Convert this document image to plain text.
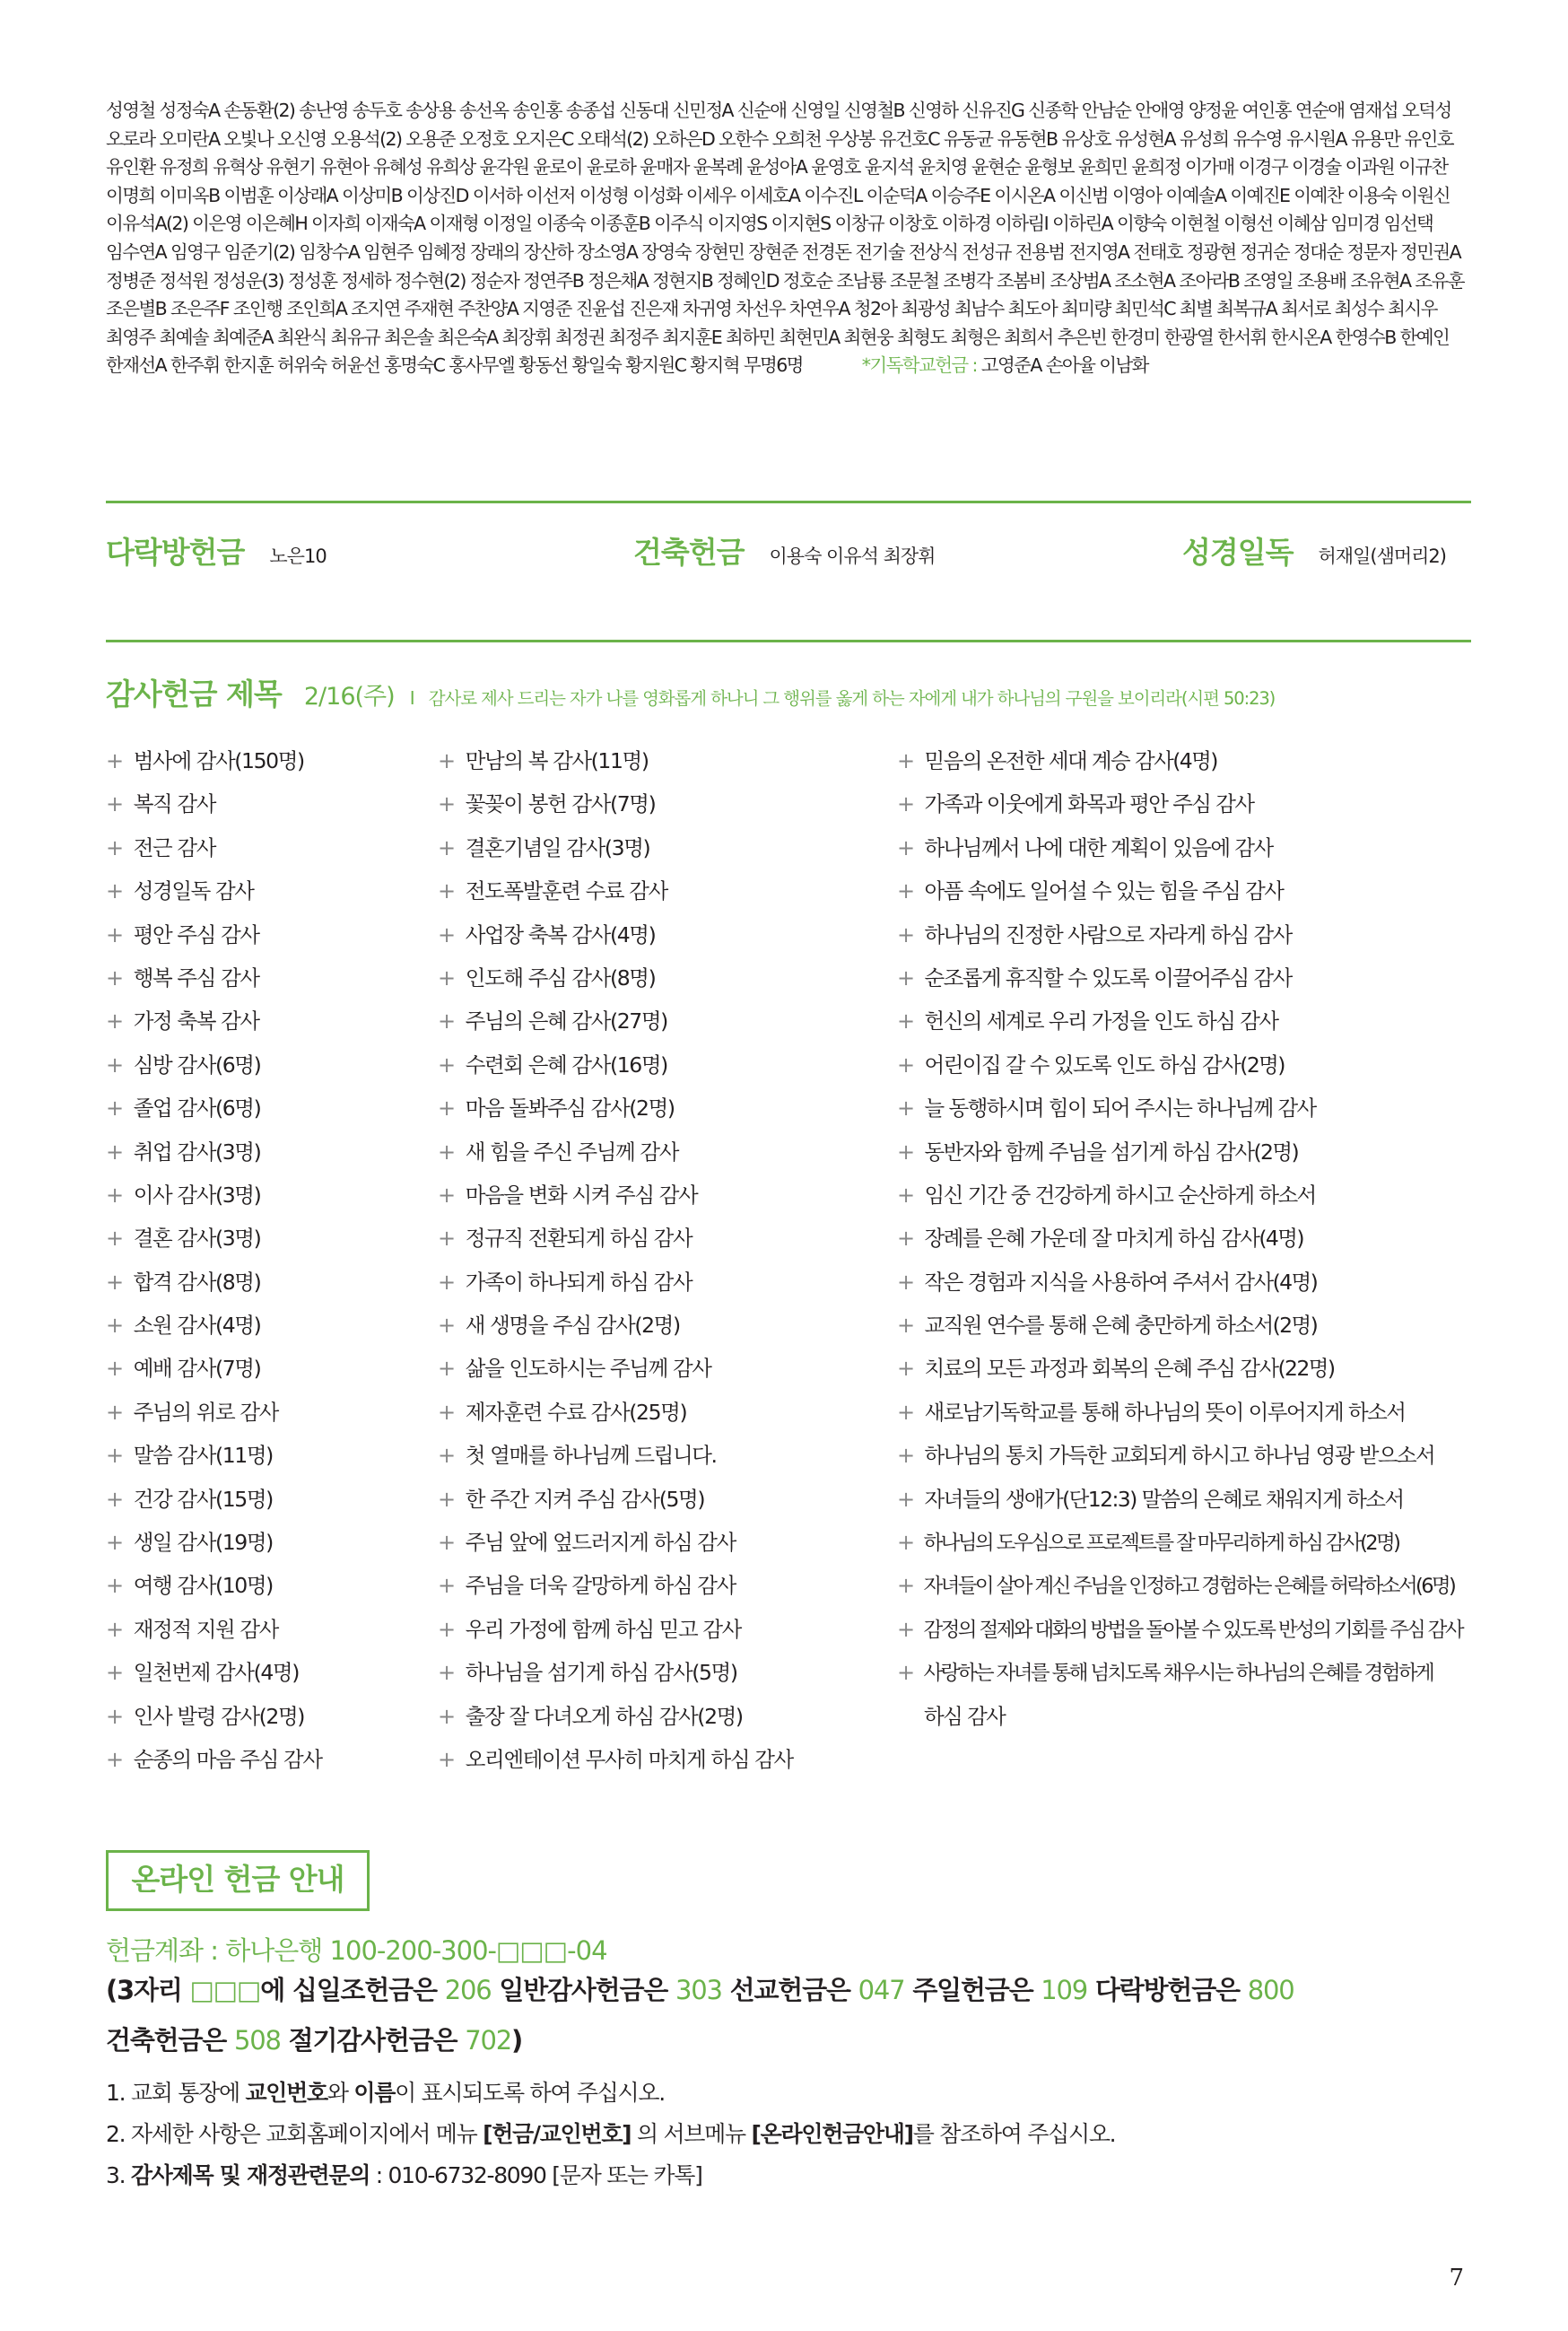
성영철 성정숙A 손동환(2) 송난영 송두호 송상용 송선옥 송인홍 송종섭 신동대 신민정A 신순애 신영일 신영철B 신영하 신유진G 신종학 안남순 안애영 양정윤 여인홍 연순애 염재섭 오덕성 오로라 오미란A 오빛나 오신영 오용석(2) 오용준 오정호 오지은C 오태석(2) 오하은D 오한수 오희천 우상봉 유건호C 유동균 유동현B 유상호 유성현A 유성희 유수영 유시원A 유용만 유인호 유인환 유정희 유혁상 유현기 유현아 유혜성 유희상 윤각원 윤로이 윤로하 윤매자 윤복례 윤성아A 윤영호 윤지석 윤치영 윤현순 윤형보 윤희민 윤희정 이가매 이경구 이경술 이과원 이규찬 이명희 이미옥B 이범훈 이상래A 이상미B 이상진D 이서하 이선저 이성형 이성화 이세우 이세호A 이수진L 이순덕A 이승주E 이시온A 이신범 이영아 이예솔A 이예진E 이예찬 이용숙 이원신 이유석A(2) 이은영 이은혜H 이자희 이재숙A 이재형 이정일 이종숙 이종훈B 이주식 이지영S 이지현S 이창규 이창호 이하경 이하림I 이하린A 이향숙 이현철 이형선 이혜삼 임미경 임선택 임수연A 임영구 임준기(2) 임창수A 임현주 임혜정 장래의 장산하 장소영A 장영숙 장현민 장현준 전경돈 전기술 전상식 전성규 전용범 전지영A 전태호 정광현 정귀순 정대순 정문자 정민권A 정병준 정석원 정성운(3) 정성훈 정세하 정수현(2) 정순자 정연주B 정은채A 정현지B 정혜인D 정호순 조남룡 조문철 조병각 조봄비 조상범A 조소현A 조아라B 조영일 조용배 조유현A 조유훈 조은별B 조은주F 조인행 조인희A 조지연 주재현 주찬양A 지영준 진윤섭 진은재 차귀영 차선우 차연우A 청2아 최광성 최남수 최도아 최미량 최민석C 최별 최복규A 최서로 최성수 최시우 최영주 최예솔 최예준A 최완식 최유규 최은솔 최은숙A 최장휘 최정권 최정주 최지훈E 최하민 최현민A 최현웅 최형도 최형은 최희서 추은빈 한경미 한광열 한서휘 한시온A 한영수B 한예인 한재선A 한주휘 한지훈 허위숙 허윤선 홍명숙C 홍사무엘 황동선 황일숙 황지원C 황지혁 무명6명	*기독학교헌금 : 고영준A 손아율 이남화
다락방헌금 노은10	건축헌금 이용숙 이유석 최장휘	성경일독 허재일(샘머리2)
감사헌금 제목 2/16(주) I 감사로 제사 드리는 자가 나를 영화롭게 하나니 그 행위를 옳게 하는 자에게 내가 하나님의 구원을 보이리라(시편 50:23)
+ 범사에 감사(150명)
+ 복직 감사
+ 전근 감사
+ 성경일독 감사
+ 평안 주심 감사
+ 행복 주심 감사
+ 가정 축복 감사
+ 심방 감사(6명)
+ 졸업 감사(6명)
+ 취업 감사(3명)
+ 이사 감사(3명)
+ 결혼 감사(3명)
+ 합격 감사(8명)
+ 소원 감사(4명)
+ 예배 감사(7명)
+ 주님의 위로 감사
+ 말씀 감사(11명)
+ 건강 감사(15명)
+ 생일 감사(19명)
+ 여행 감사(10명)
+ 재정적 지원 감사
+ 일천번제 감사(4명)
+ 인사 발령 감사(2명)
+ 순종의 마음 주심 감사
+ 만남의 복 감사(11명)
+ 꽃꽂이 봉헌 감사(7명)
+ 결혼기념일 감사(3명)
+ 전도폭발훈련 수료 감사
+ 사업장 축복 감사(4명)
+ 인도해 주심 감사(8명)
+ 주님의 은혜 감사(27명)
+ 수련회 은혜 감사(16명)
+ 마음 돌봐주심 감사(2명)
+ 새 힘을 주신 주님께 감사
+ 마음을 변화 시켜 주심 감사
+ 정규직 전환되게 하심 감사
+ 가족이 하나되게 하심 감사
+ 새 생명을 주심 감사(2명)
+ 삶을 인도하시는 주님께 감사
+ 제자훈련 수료 감사(25명)
+ 첫 열매를 하나님께 드립니다.
+ 한 주간 지켜 주심 감사(5명)
+ 주님 앞에 엎드러지게 하심 감사
+ 주님을 더욱 갈망하게 하심 감사
+ 우리 가정에 함께 하심 믿고 감사
+ 하나님을 섬기게 하심 감사(5명)
+ 출장 잘 다녀오게 하심 감사(2명)
+ 오리엔테이션 무사히 마치게 하심 감사
+ 믿음의 온전한 세대 계승 감사(4명)
+ 가족과 이웃에게 화목과 평안 주심 감사
+ 하나님께서 나에 대한 계획이 있음에 감사
+ 아픔 속에도 일어설 수 있는 힘을 주심 감사
+ 하나님의 진정한 사람으로 자라게 하심 감사
+ 순조롭게 휴직할 수 있도록 이끌어주심 감사
+ 헌신의 세계로 우리 가정을 인도 하심 감사
+ 어린이집 갈 수 있도록 인도 하심 감사(2명)
+ 늘 동행하시며 힘이 되어 주시는 하나님께 감사
+ 동반자와 함께 주님을 섬기게 하심 감사(2명)
+ 임신 기간 중 건강하게 하시고 순산하게 하소서
+ 장례를 은혜 가운데 잘 마치게 하심 감사(4명)
+ 작은 경험과 지식을 사용하여 주셔서 감사(4명)
+ 교직원 연수를 통해 은혜 충만하게 하소서(2명)
+ 치료의 모든 과정과 회복의 은혜 주심 감사(22명)
+ 새로남기독학교를 통해 하나님의 뜻이 이루어지게 하소서
+ 하나님의 통치 가득한 교회되게 하시고 하나님 영광 받으소서
+ 자녀들의 생애가(단12:3) 말씀의 은혜로 채워지게 하소서
+ 하나님의 도우심으로 프로젝트를 잘 마무리하게 하심 감사(2명)
+ 자녀들이 살아 계신 주님을 인정하고 경험하는 은혜를 허락하소서(6명)
+ 감정의 절제와 대화의 방법을 돌아볼 수 있도록 반성의 기회를 주심 감사
+ 사랑하는 자녀를 통해 넘치도록 채우시는 하나님의 은혜를 경험하게
하심 감사
온라인 헌금 안내
헌금계좌 : 하나은행 100-200-300-□□□-04
(3자리 □□□에 십일조헌금은 206 일반감사헌금은 303 선교헌금은 047 주일헌금은 109 다락방헌금은 800
건축헌금은 508 절기감사헌금은 702)
1. 교회 통장에 교인번호와 이름이 표시되도록 하여 주십시오.
2. 자세한 사항은 교회홈페이지에서 메뉴 [헌금/교인번호] 의 서브메뉴 [온라인헌금안내]를 참조하여 주십시오.
3. 감사제목 및 재정관련문의 : 010-6732-8090 [문자 또는 카톡]
7
